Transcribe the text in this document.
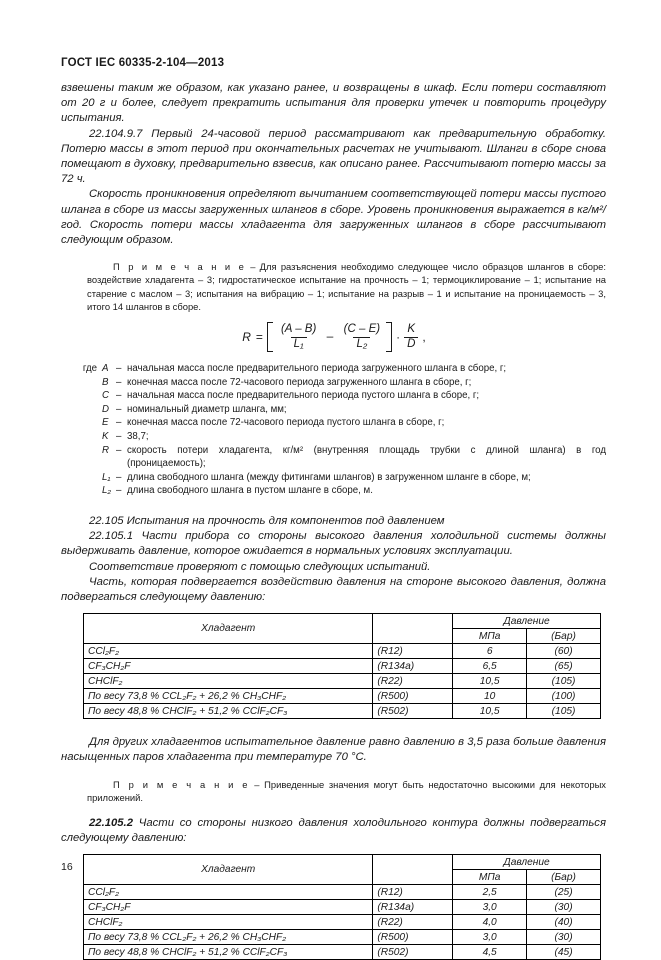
ГОСТ IEC 60335-2-104—2013

взвешены таким же образом, как указано ранее, и возвращены в шкаф. Если потери составляют от 20 г и более, следует прекратить испытания для проверки утечек и повторить процедуру испытания.

22.104.9.7 Первый 24-часовой период рассматривают как предварительную обработку. Потерю массы в этот период при окончательных расчетах не учитывают. Шланги в сборе снова помещают в духовку, предварительно взвесив, как описано ранее. Рассчитывают потерю массы за 72 ч.

Скорость проникновения определяют вычитанием соответствующей потери массы пустого шланга в сборе из массы загруженных шлангов в сборе. Уровень проникновения выражается в кг/м²/год. Скорость потери массы хладагента для загруженных шлангов в сборе рассчитывают следующим образом.

П р и м е ч а н и е – Для разъяснения необходимо следующее число образцов шлангов в сборе: воздействие хладагента – 3; гидростатическое испытание на прочность – 1; термоциклирование – 1; испытание на старение с маслом – 3; испытания на вибрацию – 1; испытание на разрыв – 1 и испытание на проницаемость – 3, итого 14 шлангов в сборе.

$R = \frac{(A - B)}{\text{L₁}} - \frac{(C - E)}{\text{L₂}} \cdot \frac{K}{D}$ ,
где A – начальная масса после предварительного периода загруженного шланга в сборе, г;
B – конечная масса после 72-часового периода загруженного шланга в сборе, г;
C – начальная масса после предварительного периода пустого шланга в сборе, г;
D – номинальный диаметр шланга, мм;
E – конечная масса после 72-часового периода пустого шланга в сборе, г;
K – 38,7;
R – скорость потери хладагента, кг/м² (внутренняя площадь трубки с длиной шланга) в год
(проницаемость);
L₁ – длина свободного шланга (между фитингами шлангов) в загруженном шланге в сборе, м;
L₂ – длина свободного шланга в пустом шланге в сборе, м.

22.105 Испытания на прочность для компонентов под давлением

22.105.1 Части прибора со стороны высокого давления холодильной системы должны выдерживать давление, которое ожидается в нормальных условиях эксплуатации.

Соответствие проверяют с помощью следующих испытаний.

Часть, которая подвергается воздействию давления на стороне высокого давления, должна подвергаться следующему давлению:

Хладагент		Давление	
		МПа	(Бар)
CCl₂F₂	(R12)	6	(60)
CF₃CH₂F	(R134a)	6,5	(65)
CHClF₂	(R22)	10,5	(105)
По весу 73,8 % CCL₂F₂ + 26,2 % CH₃CHF₂	(R500)	10	(100)
По весу 48,8 % CHClF₂ + 51,2 % CClF₂CF₃	(R502)	10,5	(105)

Для других хладагентов испытательное давление равно давлению в 3,5 раза больше давления насыщенных паров хладагента при температуре 70 °С.

П р и м е ч а н и е – Приведенные значения могут быть недостаточно высокими для некоторых приложений.

22.105.2 Части со стороны низкого давления холодильного контура должны подвергаться следующему давлению:

Хладагент		Давление	
		МПа	(Бар)
CCl₂F₂	(R12)	2,5	(25)
CF₃CH₂F	(R134a)	3,0	(30)
CHClF₂	(R22)	4,0	(40)
По весу 73,8 % CCL₂F₂ + 26,2 % CH₃CHF₂	(R500)	3,0	(30)
По весу 48,8 % CHClF₂ + 51,2 % CClF₂CF₃	(R502)	4,5	(45)
16
